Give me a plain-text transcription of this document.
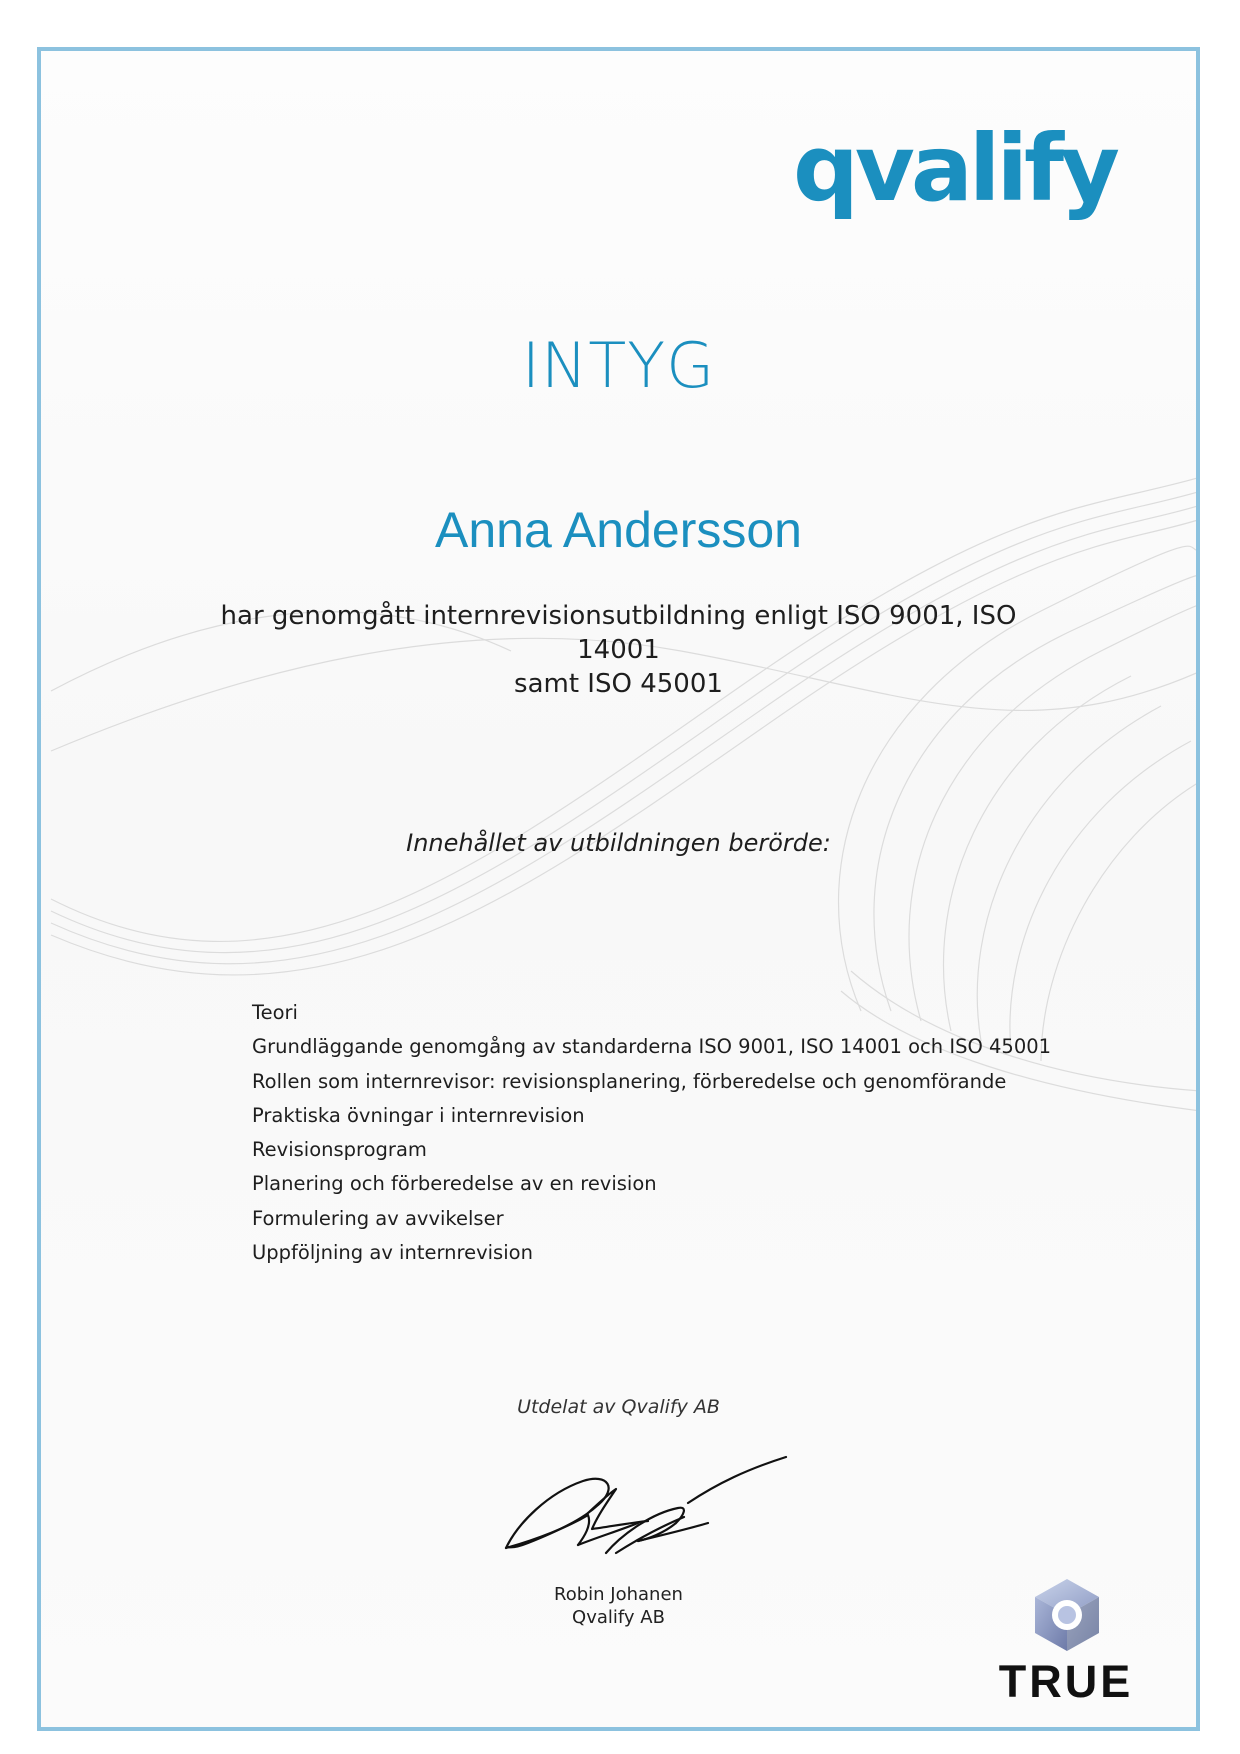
qvalify
INTYG
Anna Andersson
har genomgått internrevisionsutbildning enligt ISO 9001, ISO 14001
samt ISO 45001
Innehållet av utbildningen berörde:
Teori
Grundläggande genomgång av standarderna ISO 9001, ISO 14001 och ISO 45001
Rollen som internrevisor: revisionsplanering, förberedelse och genomförande
Praktiska övningar i internrevision
Revisionsprogram
Planering och förberedelse av en revision
Formulering av avvikelser
Uppföljning av internrevision
Utdelat av Qvalify AB
Robin Johanen
Qvalify AB
TRUE
